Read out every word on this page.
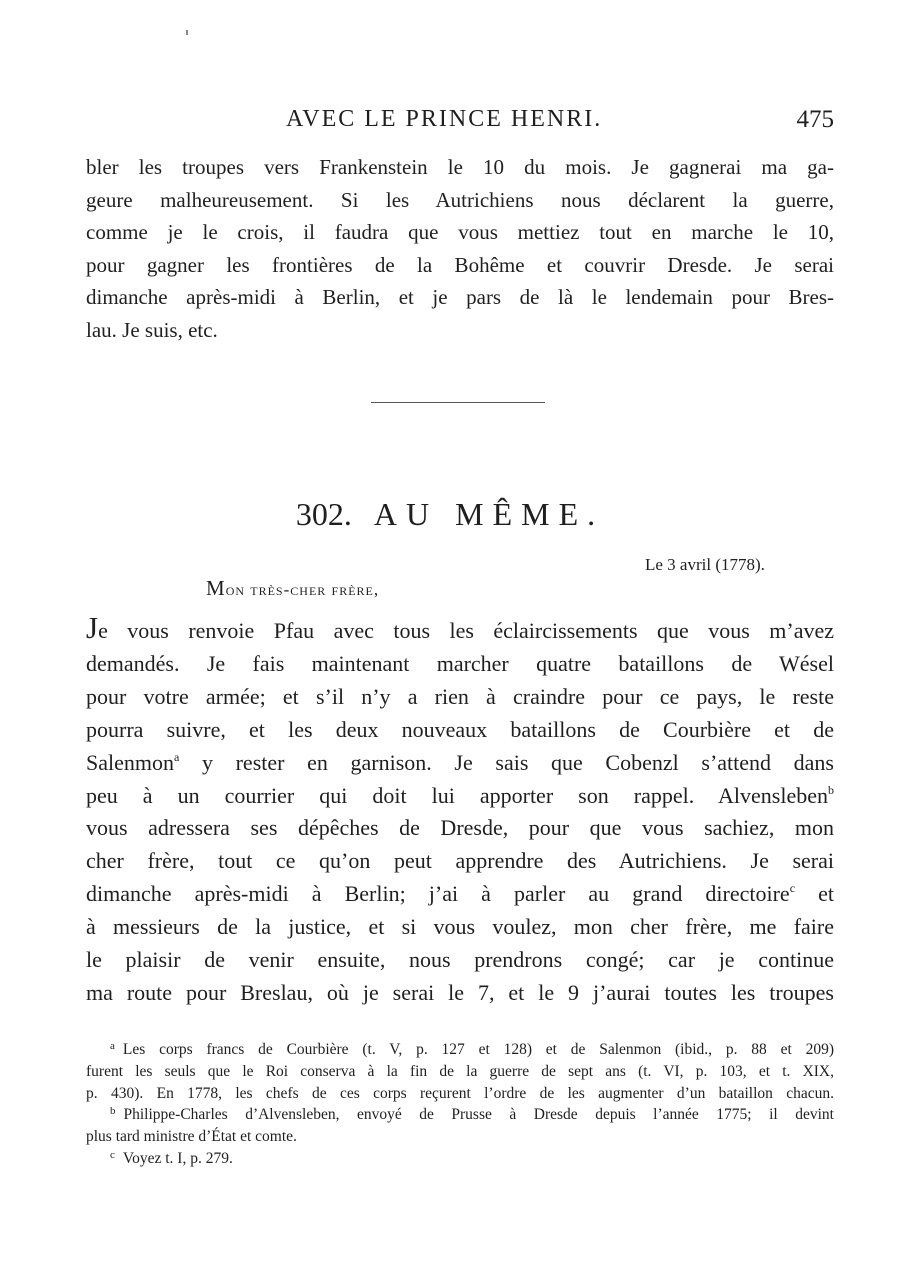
AVEC LE PRINCE HENRI.	475
bler les troupes vers Frankenstein le 10 du mois. Je gagnerai ma ga-
geure malheureusement. Si les Autrichiens nous déclarent la guerre,
comme je le crois, il faudra que vous mettiez tout en marche le 10,
pour gagner les frontières de la Bohême et couvrir Dresde. Je serai
dimanche après-midi à Berlin, et je pars de là le lendemain pour Bres-
lau. Je suis, etc.
302. AU MÊME.
Le 3 avril (1778).
Mon très-cher frère,
Je vous renvoie Pfau avec tous les éclaircissements que vous m’avez
demandés. Je fais maintenant marcher quatre bataillons de Wésel
pour votre armée; et s’il n’y a rien à craindre pour ce pays, le reste
pourra suivre, et les deux nouveaux bataillons de Courbière et de
Salenmon$^a$ y rester en garnison. Je sais que Cobenzl s’attend dans
peu à un courrier qui doit lui apporter son rappel. Alvensleben$^b$
vous adressera ses dépêches de Dresde, pour que vous sachiez, mon
cher frère, tout ce qu’on peut apprendre des Autrichiens. Je serai
dimanche après-midi à Berlin; j’ai à parler au grand directoire$^c$ et
à messieurs de la justice, et si vous voulez, mon cher frère, me faire
le plaisir de venir ensuite, nous prendrons congé; car je continue
ma route pour Breslau, où je serai le 7, et le 9 j’aurai toutes les troupes
$^a$ Les corps francs de Courbière (t. V, p. 127 et 128) et de Salenmon (ibid., p. 88 et 209)
furent les seuls que le Roi conserva à la fin de la guerre de sept ans (t. VI, p. 103, et t. XIX,
p. 430). En 1778, les chefs de ces corps reçurent l’ordre de les augmenter d’un bataillon chacun.
$^b$ Philippe-Charles d’Alvensleben, envoyé de Prusse à Dresde depuis l’année 1775; il devint
plus tard ministre d’État et comte.
$^c$ Voyez t. I, p. 279.
